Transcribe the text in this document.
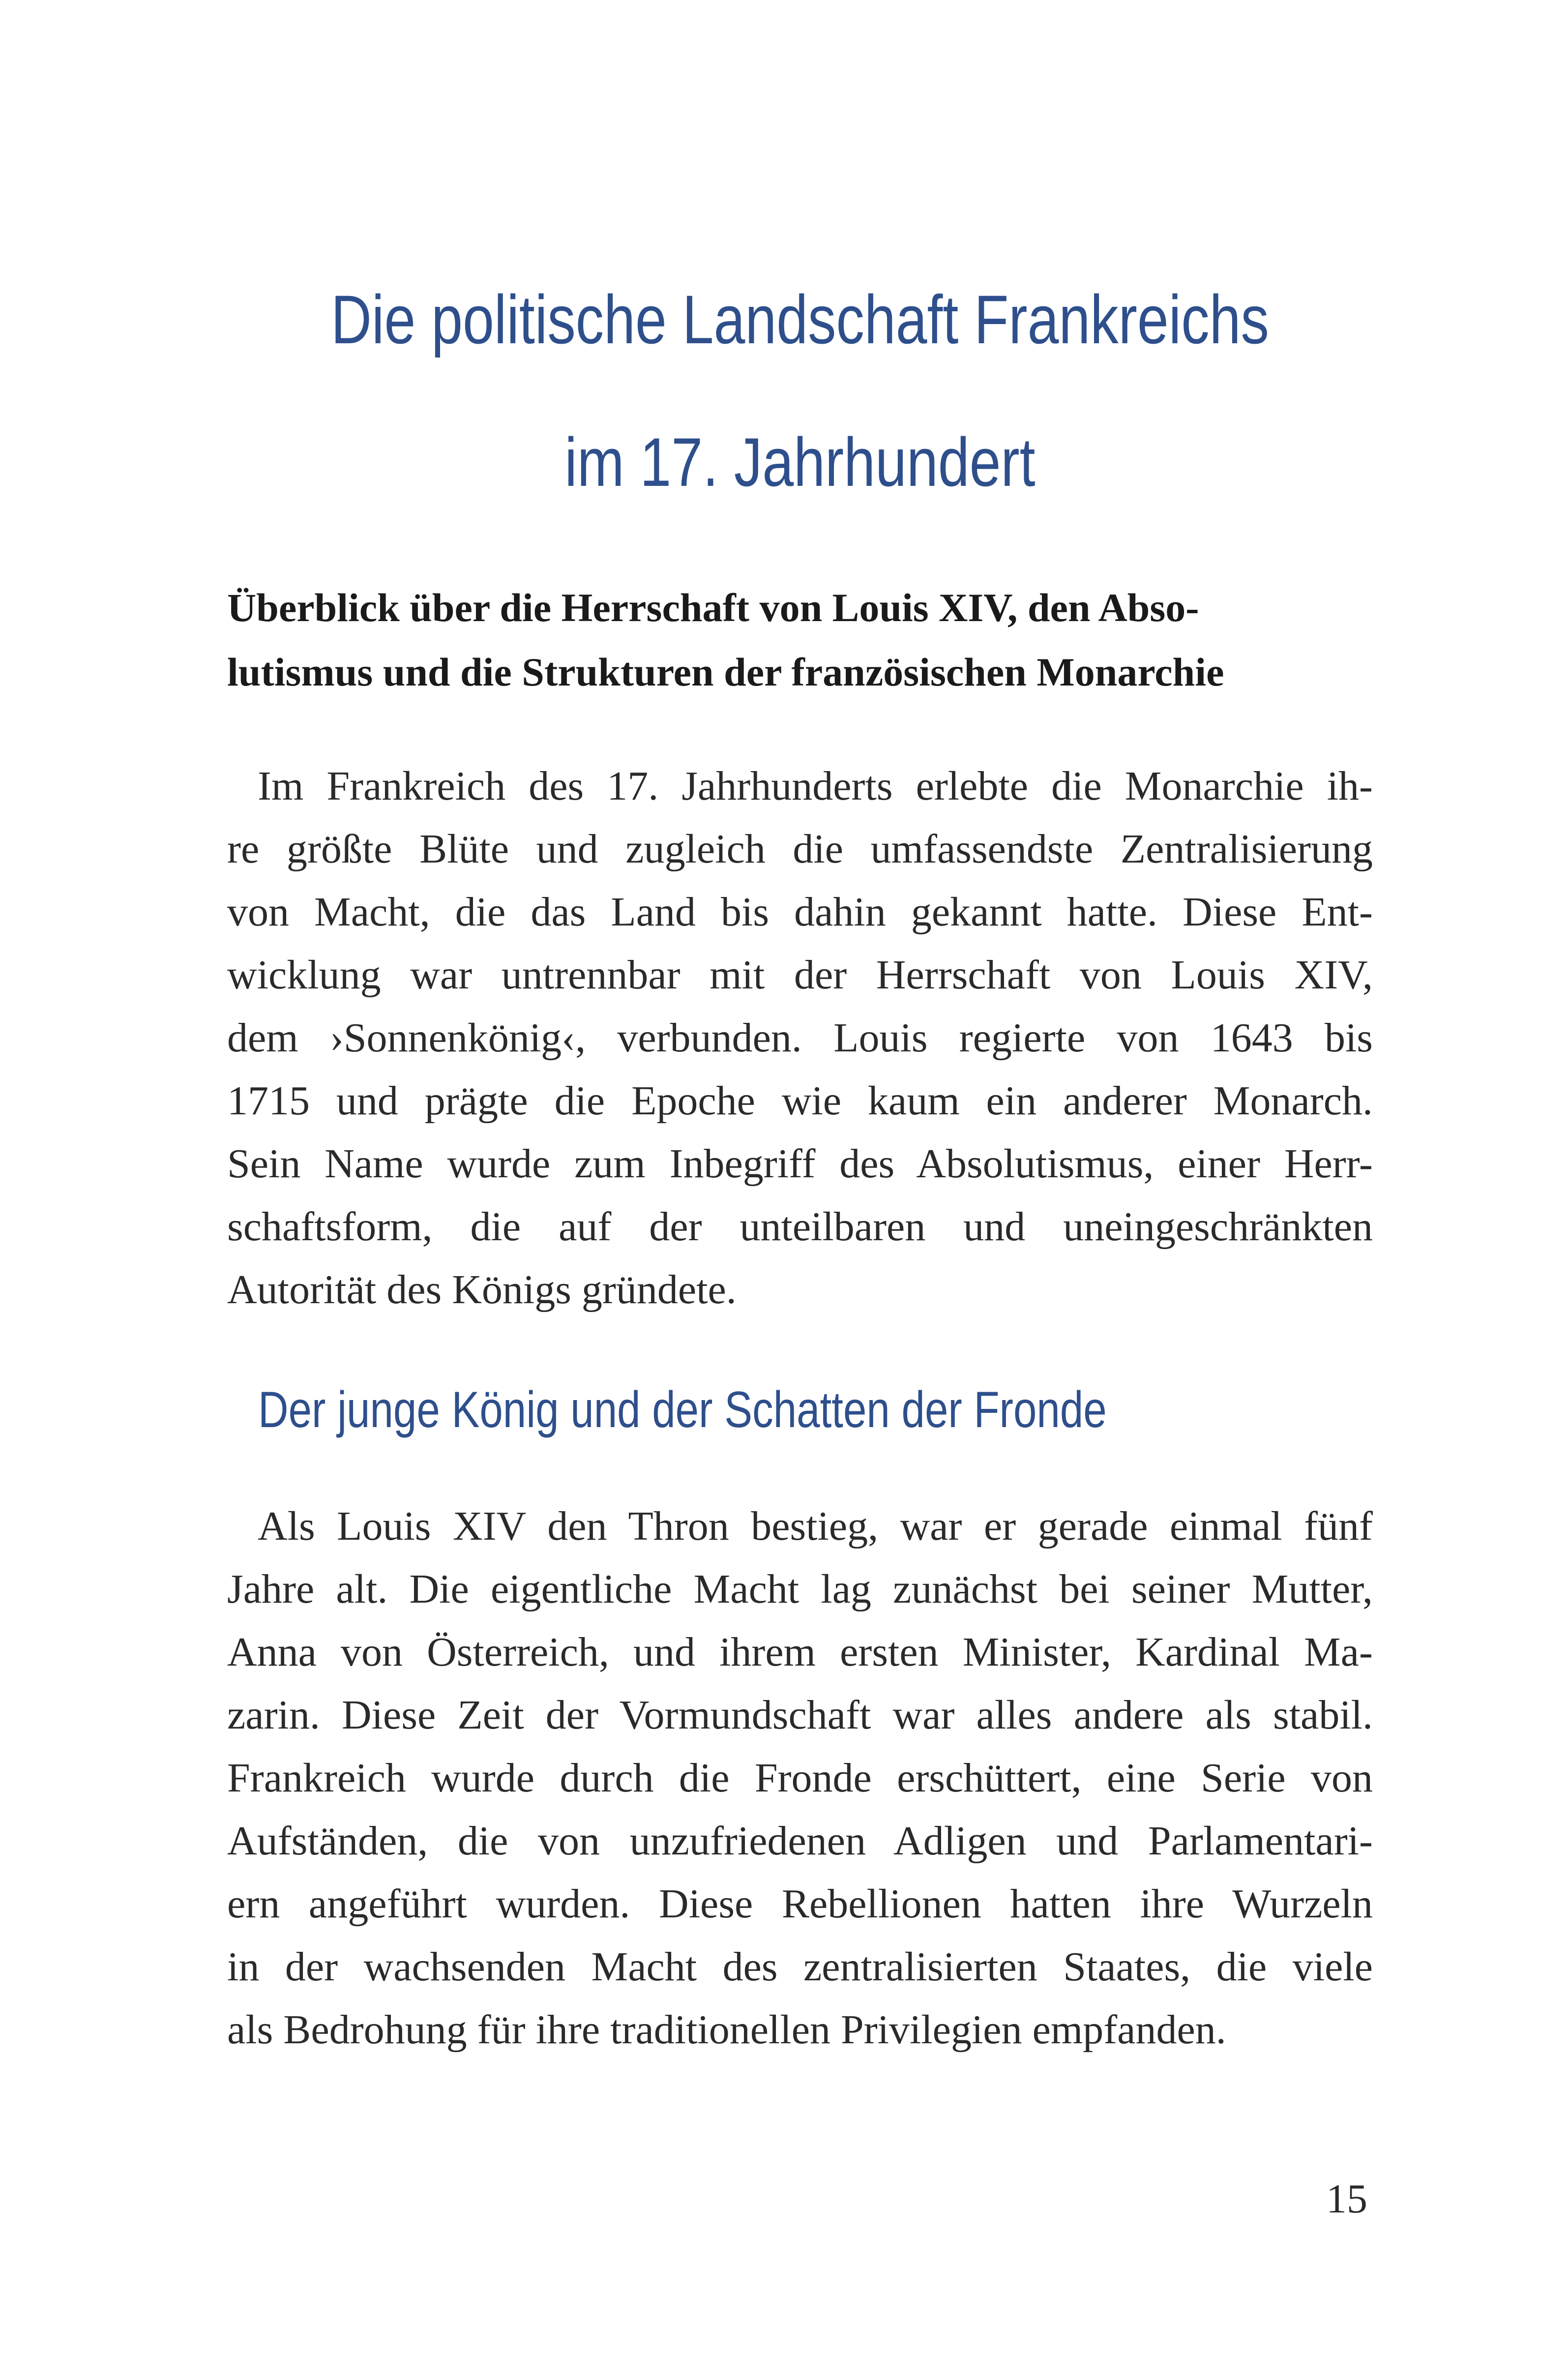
Die politische Landschaft Frankreichs
im 17. Jahrhundert
Überblick über die Herrschaft von Louis XIV, den Abso-
lutismus und die Strukturen der französischen Monarchie

Im Frankreich des 17. Jahrhunderts erlebte die Monarchie ih-
re größte Blüte und zugleich die umfassendste Zentralisierung
von Macht, die das Land bis dahin gekannt hatte. Diese Ent-
wicklung war untrennbar mit der Herrschaft von Louis XIV,
dem ›Sonnenkönig‹, verbunden. Louis regierte von 1643 bis
1715 und prägte die Epoche wie kaum ein anderer Monarch.
Sein Name wurde zum Inbegriff des Absolutismus, einer Herr-
schaftsform, die auf der unteilbaren und uneingeschränkten
Autorität des Königs gründete.

Der junge König und der Schatten der Fronde

Als Louis XIV den Thron bestieg, war er gerade einmal fünf
Jahre alt. Die eigentliche Macht lag zunächst bei seiner Mutter,
Anna von Österreich, und ihrem ersten Minister, Kardinal Ma-
zarin. Diese Zeit der Vormundschaft war alles andere als stabil.
Frankreich wurde durch die Fronde erschüttert, eine Serie von
Aufständen, die von unzufriedenen Adligen und Parlamentari-
ern angeführt wurden. Diese Rebellionen hatten ihre Wurzeln
in der wachsenden Macht des zentralisierten Staates, die viele
als Bedrohung für ihre traditionellen Privilegien empfanden.

15
